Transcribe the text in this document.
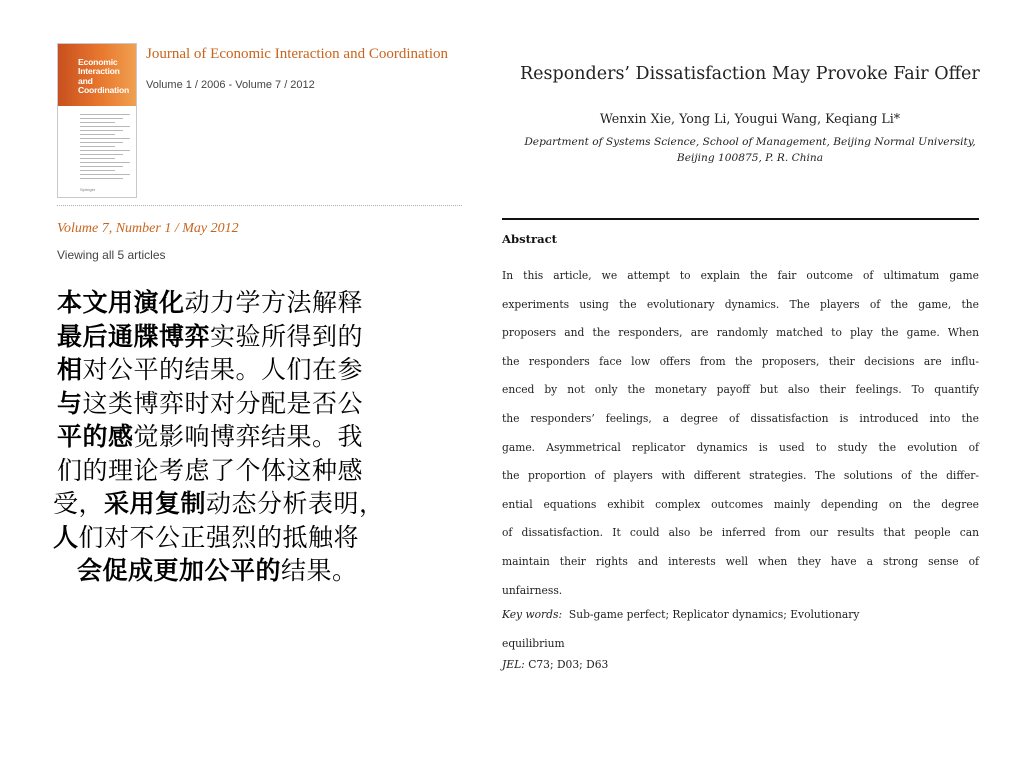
Economic
Interaction
and
Coordination
Springer
Journal of Economic Interaction and Coordination
Volume 1 / 2006 - Volume 7 / 2012
Volume 7, Number 1 / May 2012
Viewing all 5 articles
本文用演化动力学方法解释
最后通牒博弈实验所得到的
相对公平的结果。人们在参
与这类博弈时对分配是否公
平的感觉影响博弈结果。我
们的理论考虑了个体这种感
受，采用复制动态分析表明，
人们对不公正强烈的抵触将
会促成更加公平的结果。
Responders’ Dissatisfaction May Provoke Fair Offer
Wenxin Xie, Yong Li, Yougui Wang, Keqiang Li*
Department of Systems Science, School of Management, Beijing Normal University,
Beijing 100875, P. R. China
Abstract
In this article, we attempt to explain the fair outcome of ultimatum game
experiments using the evolutionary dynamics. The players of the game, the
proposers and the responders, are randomly matched to play the game. When
the responders face low offers from the proposers, their decisions are influ-
enced by not only the monetary payoff but also their feelings. To quantify
the responders’ feelings, a degree of dissatisfaction is introduced into the
game. Asymmetrical replicator dynamics is used to study the evolution of
the proportion of players with different strategies. The solutions of the differ-
ential equations exhibit complex outcomes mainly depending on the degree
of dissatisfaction. It could also be inferred from our results that people can
maintain their rights and interests well when they have a strong sense of
unfairness.
Key words: Sub-game perfect; Replicator dynamics; Evolutionary
equilibrium
JEL: C73; D03; D63
